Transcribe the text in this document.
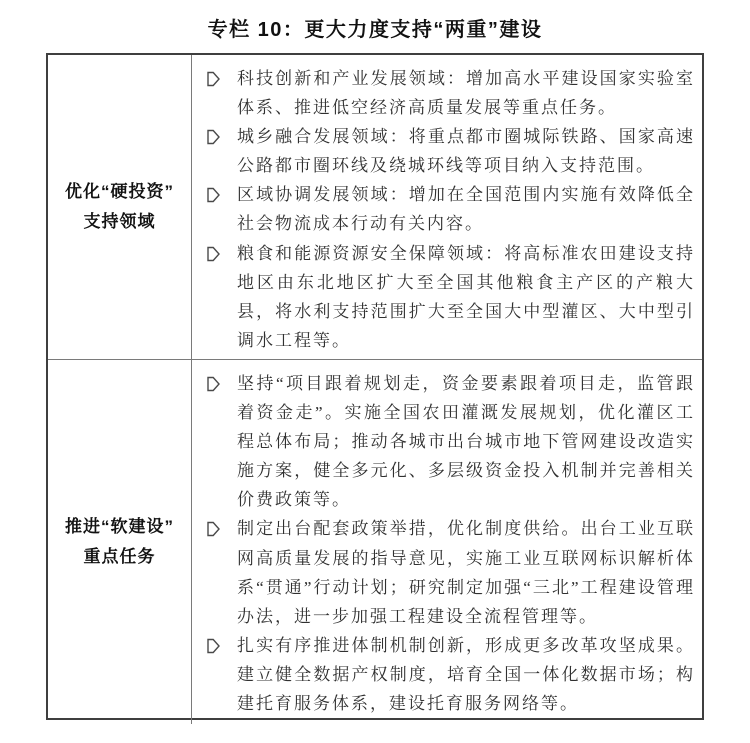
专栏 10：更大力度支持“两重”建设
优化“硬投资”
支持领域
科技创新和产业发展领域：增加高水平建设国家实验室体系、推进低空经济高质量发展等重点任务。
城乡融合发展领域：将重点都市圈城际铁路、国家高速公路都市圈环线及绕城环线等项目纳入支持范围。
区域协调发展领域：增加在全国范围内实施有效降低全社会物流成本行动有关内容。
粮食和能源资源安全保障领域：将高标准农田建设支持地区由东北地区扩大至全国其他粮食主产区的产粮大县，将水利支持范围扩大至全国大中型灌区、大中型引调水工程等。
推进“软建设”
重点任务
坚持“项目跟着规划走，资金要素跟着项目走，监管跟着资金走”。实施全国农田灌溉发展规划，优化灌区工程总体布局；推动各城市出台城市地下管网建设改造实施方案，健全多元化、多层级资金投入机制并完善相关价费政策等。
制定出台配套政策举措，优化制度供给。出台工业互联网高质量发展的指导意见，实施工业互联网标识解析体系“贯通”行动计划；研究制定加强“三北”工程建设管理办法，进一步加强工程建设全流程管理等。
扎实有序推进体制机制创新，形成更多改革攻坚成果。建立健全数据产权制度，培育全国一体化数据市场；构建托育服务体系，建设托育服务网络等。
